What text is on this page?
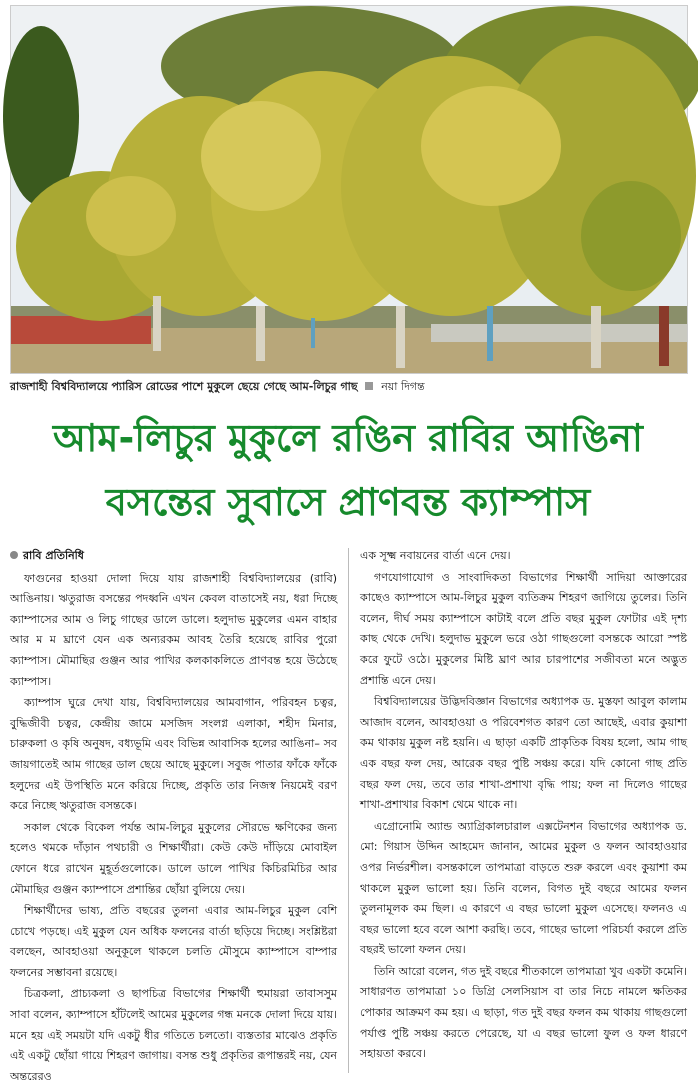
রাজশাহী বিশ্ববিদ্যালয়ে প্যারিস রোডের পাশে মুকুলে ছেয়ে গেছে আম-লিচুর গাছ নয়া দিগন্ত
আম-লিচুর মুকুলে রঙিন রাবির আঙিনা
বসন্তের সুবাসে প্রাণবন্ত ক্যাম্পাস
রাবি প্রতিনিধি

ফাগুনের হাওয়া দোলা দিয়ে যায় রাজশাহী বিশ্ববিদ্যালয়ের (রাবি) আঙিনায়। ঋতুরাজ বসন্তের পদধ্বনি এখন কেবল বাতাসেই নয়, ধরা দিচ্ছে ক্যাম্পাসের আম ও লিচু গাছের ডালে ডালে। হলুদাভ মুকুলের এমন বাহার আর ম ম ঘ্রাণে যেন এক অন্যরকম আবহ তৈরি হয়েছে রাবির পুরো ক্যাম্পাস। মৌমাছির গুঞ্জন আর পাখির কলকাকলিতে প্রাণবন্ত হয়ে উঠেছে ক্যাম্পাস।

ক্যাম্পাস ঘুরে দেখা যায়, বিশ্ববিদ্যালয়ের আমবাগান, পরিবহন চত্বর, বুদ্ধিজীবী চত্বর, কেন্দ্রীয় জামে মসজিদ সংলগ্ন এলাকা, শহীদ মিনার, চারুকলা ও কৃষি অনুষদ, বধ্যভূমি এবং বিভিন্ন আবাসিক হলের আঙিনা– সব জায়গাতেই আম গাছের ডাল ছেয়ে আছে মুকুলে। সবুজ পাতার ফাঁকে ফাঁকে হলুদের এই উপস্থিতি মনে করিয়ে দিচ্ছে, প্রকৃতি তার নিজস্ব নিয়মেই বরণ করে নিচ্ছে ঋতুরাজ বসন্তকে।

সকাল থেকে বিকেল পর্যন্ত আম-লিচুর মুকুলের সৌরভে ক্ষণিকের জন্য হলেও থমকে দাঁড়ান পথচারী ও শিক্ষার্থীরা। কেউ কেউ দাঁড়িয়ে মোবাইল ফোনে ধরে রাখেন মুহূর্তগুলোকে। ডালে ডালে পাখির কিচিরমিচির আর মৌমাছির গুঞ্জন ক্যাম্পাসে প্রশান্তির ছোঁয়া বুলিয়ে দেয়।

শিক্ষার্থীদের ভাষ্য, প্রতি বছরের তুলনা এবার আম-লিচুর মুকুল বেশি চোখে পড়ছে। এই মুকুল যেন অধিক ফলনের বার্তা ছড়িয়ে দিচ্ছে। সংশ্লিষ্টরা বলছেন, আবহাওয়া অনুকূলে থাকলে চলতি মৌসুমে ক্যাম্পাসে বাম্পার ফলনের সম্ভাবনা রয়েছে।

চিত্রকলা, প্রাচ্যকলা ও ছাপচিত্র বিভাগের শিক্ষার্থী হুমায়রা তাবাসসুম সাবা বলেন, ক্যাম্পাসে হাঁটলেই আমের মুকুলের গন্ধ মনকে দোলা দিয়ে যায়। মনে হয় এই সময়টা যদি একটু ধীর গতিতে চলতো। ব্যস্ততার মাঝেও প্রকৃতি এই একটু ছোঁয়া গায়ে শিহরণ জাগায়। বসন্ত শুধু প্রকৃতির রূপান্তরই নয়, যেন অন্তরেরও

এক সূক্ষ্ম নবায়নের বার্তা এনে দেয়।

গণযোগাযোগ ও সাংবাদিকতা বিভাগের শিক্ষার্থী সাদিয়া আক্তারের কাছেও ক্যাম্পাসে আম-লিচুর মুকুল ব্যতিক্রম শিহরণ জাগিয়ে তুলের। তিনি বলেন, দীর্ঘ সময় ক্যাম্পাসে কাটাই বলে প্রতি বছর মুকুল ফোটার এই দৃশ্য কাছ থেকে দেখি। হলুদাভ মুকুলে ভরে ওঠা গাছগুলো বসন্তকে আরো স্পষ্ট করে ফুটে ওঠে। মুকুলের মিষ্টি ঘ্রাণ আর চারপাশের সজীবতা মনে অদ্ভুত প্রশান্তি এনে দেয়।

বিশ্ববিদ্যালয়ের উদ্ভিদবিজ্ঞান বিভাগের অধ্যাপক ড. মুস্তফা আবুল কালাম আজাদ বলেন, আবহাওয়া ও পরিবেশগত কারণ তো আছেই, এবার কুয়াশা কম থাকায় মুকুল নষ্ট হয়নি। এ ছাড়া একটি প্রাকৃতিক বিষয় হলো, আম গাছ এক বছর ফল দেয়, আরেক বছর পুষ্টি সঞ্চয় করে। যদি কোনো গাছ প্রতি বছর ফল দেয়, তবে তার শাখা-প্রশাখা বৃদ্ধি পায়; ফল না দিলেও গাছের শাখা-প্রশাখার বিকাশ থেমে থাকে না।

এগ্রোনোমি অ্যান্ড অ্যাগ্রিকালচারাল এক্সটেনশন বিভাগের অধ্যাপক ড. মো: গিয়াস উদ্দিন আহমেদ জানান, আমের মুকুল ও ফলন আবহাওয়ার ওপর নির্ভরশীল। বসন্তকালে তাপমাত্রা বাড়তে শুরু করলে এবং কুয়াশা কম থাকলে মুকুল ভালো হয়। তিনি বলেন, বিগত দুই বছরে আমের ফলন তুলনামূলক কম ছিল। এ কারণে এ বছর ভালো মুকুল এসেছে। ফলনও এ বছর ভালো হবে বলে আশা করছি। তবে, গাছের ভালো পরিচর্যা করলে প্রতি বছরই ভালো ফলন দেয়।

তিনি আরো বলেন, গত দুই বছরে শীতকালে তাপমাত্রা খুব একটা কমেনি। সাধারণত তাপমাত্রা ১০ ডিগ্রি সেলসিয়াস বা তার নিচে নামলে ক্ষতিকর পোকার আক্রমণ কম হয়। এ ছাড়া, গত দুই বছর ফলন কম থাকায় গাছগুলো পর্যাপ্ত পুষ্টি সঞ্চয় করতে পেরেছে, যা এ বছর ভালো ফুল ও ফল ধারণে সহায়তা করবে।
